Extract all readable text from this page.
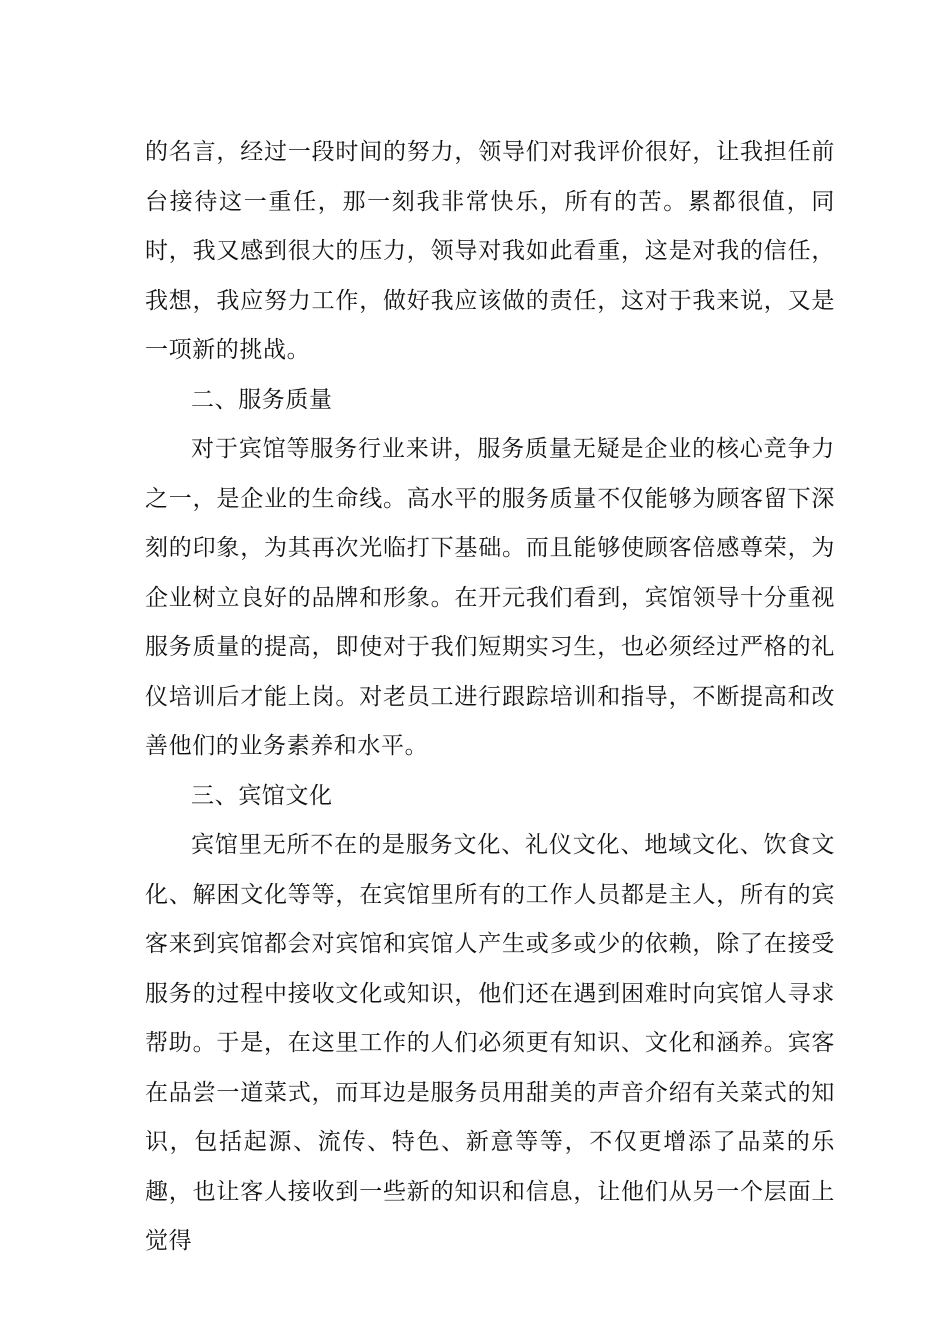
的名言，经过一段时间的努力，领导们对我评价很好，让我担任前台接待这一重任，那一刻我非常快乐，所有的苦。累都很值，同时，我又感到很大的压力，领导对我如此看重，这是对我的信任，我想，我应努力工作，做好我应该做的责任，这对于我来说，又是一项新的挑战。

二、服务质量

对于宾馆等服务行业来讲，服务质量无疑是企业的核心竞争力之一，是企业的生命线。高水平的服务质量不仅能够为顾客留下深刻的印象，为其再次光临打下基础。而且能够使顾客倍感尊荣，为企业树立良好的品牌和形象。在开元我们看到，宾馆领导十分重视服务质量的提高，即使对于我们短期实习生，也必须经过严格的礼仪培训后才能上岗。对老员工进行跟踪培训和指导，不断提高和改善他们的业务素养和水平。

三、宾馆文化

宾馆里无所不在的是服务文化、礼仪文化、地域文化、饮食文化、解困文化等等，在宾馆里所有的工作人员都是主人，所有的宾客来到宾馆都会对宾馆和宾馆人产生或多或少的依赖，除了在接受服务的过程中接收文化或知识，他们还在遇到困难时向宾馆人寻求帮助。于是，在这里工作的人们必须更有知识、文化和涵养。宾客在品尝一道菜式，而耳边是服务员用甜美的声音介绍有关菜式的知识，包括起源、流传、特色、新意等等，不仅更增添了品菜的乐趣，也让客人接收到一些新的知识和信息，让他们从另一个层面上觉得
